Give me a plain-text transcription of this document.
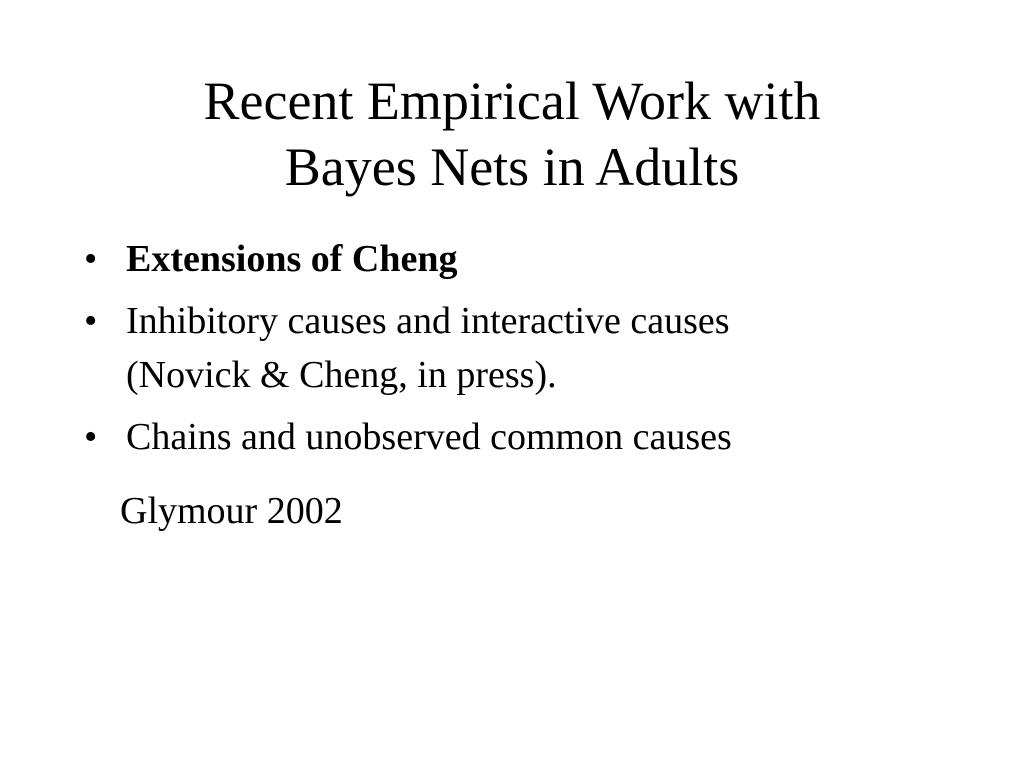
Recent Empirical Work with
Bayes Nets in Adults
• Extensions of Cheng
• Inhibitory causes and interactive causes
(Novick & Cheng, in press).
• Chains and unobserved common causes
Glymour 2002
